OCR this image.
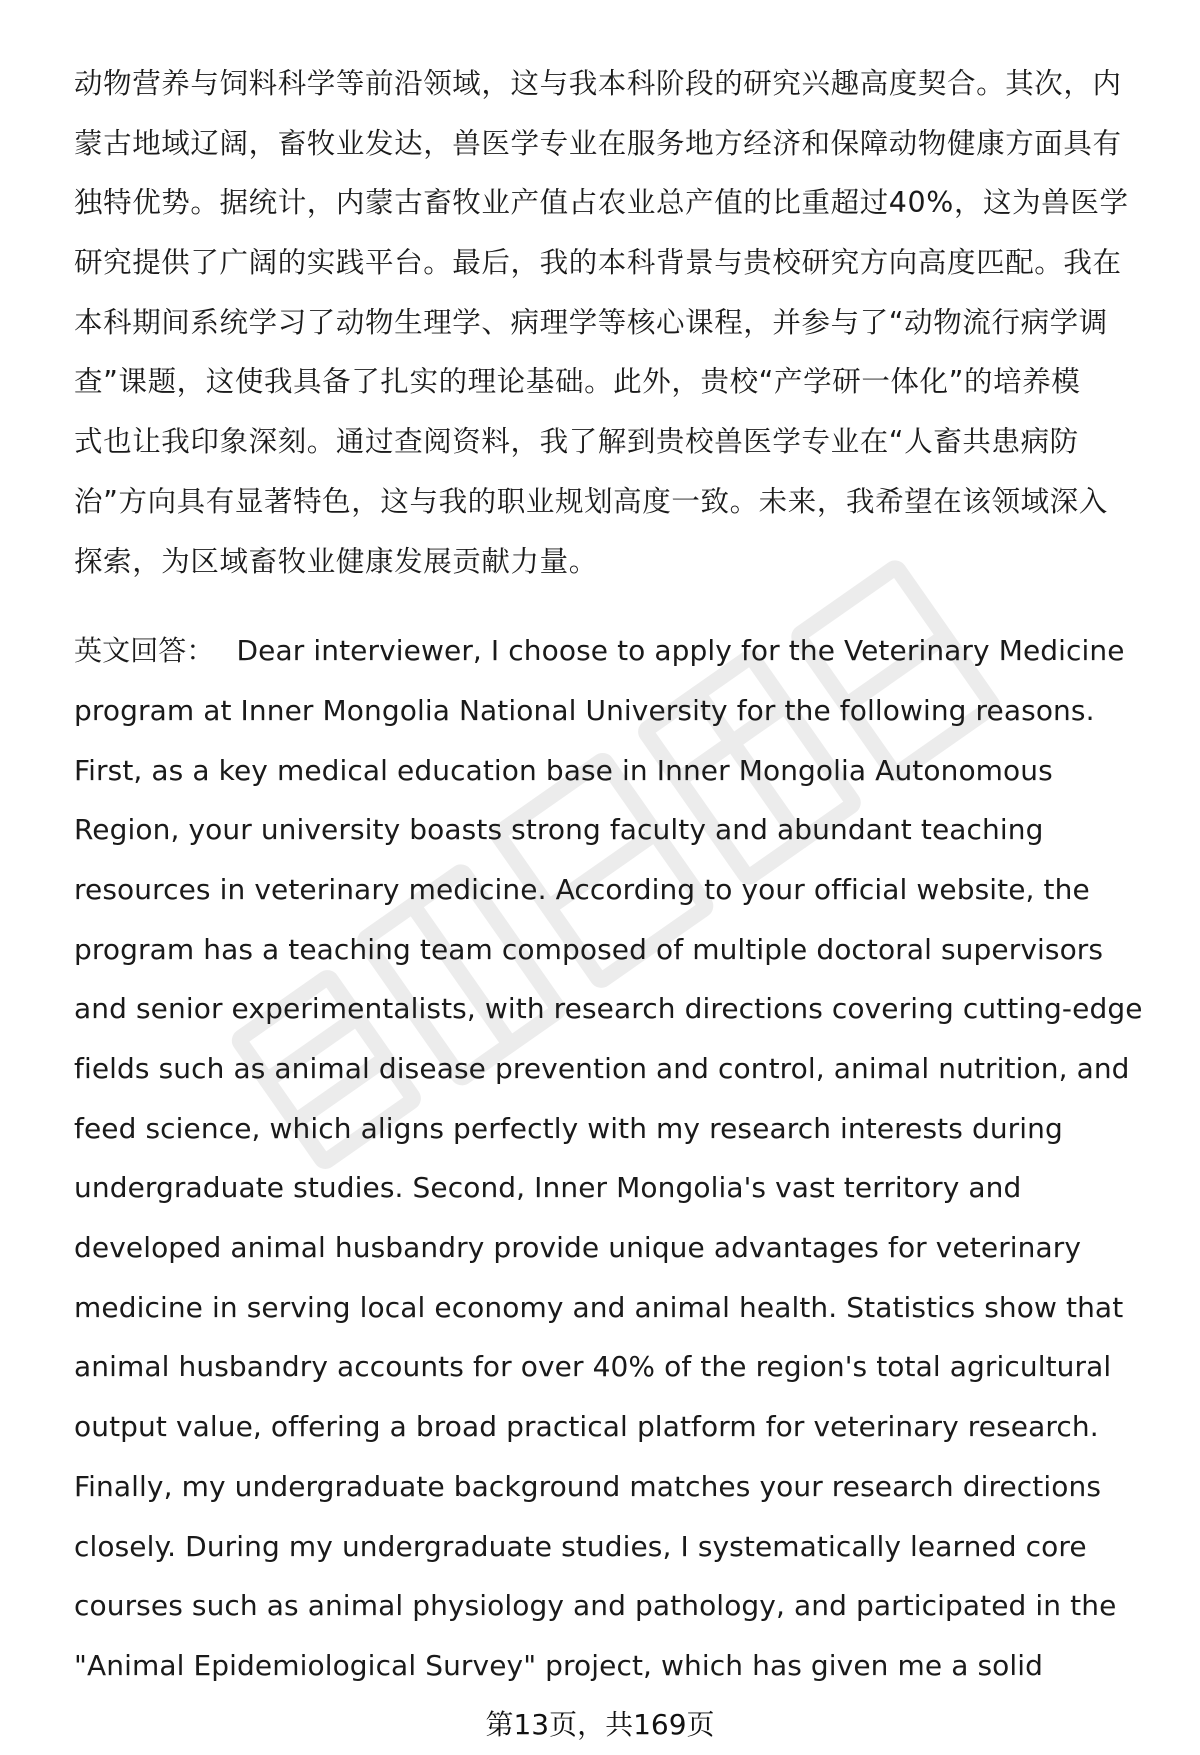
动物营养与饲料科学等前沿领域，这与我本科阶段的研究兴趣高度契合。其次，内
蒙古地域辽阔，畜牧业发达，兽医学专业在服务地方经济和保障动物健康方面具有
独特优势。据统计，内蒙古畜牧业产值占农业总产值的比重超过40%，这为兽医学
研究提供了广阔的实践平台。最后，我的本科背景与贵校研究方向高度匹配。我在
本科期间系统学习了动物生理学、病理学等核心课程，并参与了“动物流行病学调
查”课题，这使我具备了扎实的理论基础。此外，贵校“产学研一体化”的培养模
式也让我印象深刻。通过查阅资料，我了解到贵校兽医学专业在“人畜共患病防
治”方向具有显著特色，这与我的职业规划高度一致。未来，我希望在该领域深入
探索，为区域畜牧业健康发展贡献力量。
英文回答： Dear interviewer, I choose to apply for the Veterinary Medicine
program at Inner Mongolia National University for the following reasons.
First, as a key medical education base in Inner Mongolia Autonomous
Region, your university boasts strong faculty and abundant teaching
resources in veterinary medicine. According to your official website, the
program has a teaching team composed of multiple doctoral supervisors
and senior experimentalists, with research directions covering cutting-edge
fields such as animal disease prevention and control, animal nutrition, and
feed science, which aligns perfectly with my research interests during
undergraduate studies. Second, Inner Mongolia's vast territory and
developed animal husbandry provide unique advantages for veterinary
medicine in serving local economy and animal health. Statistics show that
animal husbandry accounts for over 40% of the region's total agricultural
output value, offering a broad practical platform for veterinary research.
Finally, my undergraduate background matches your research directions
closely. During my undergraduate studies, I systematically learned core
courses such as animal physiology and pathology, and participated in the
"Animal Epidemiological Survey" project, which has given me a solid
第13页，共169页
